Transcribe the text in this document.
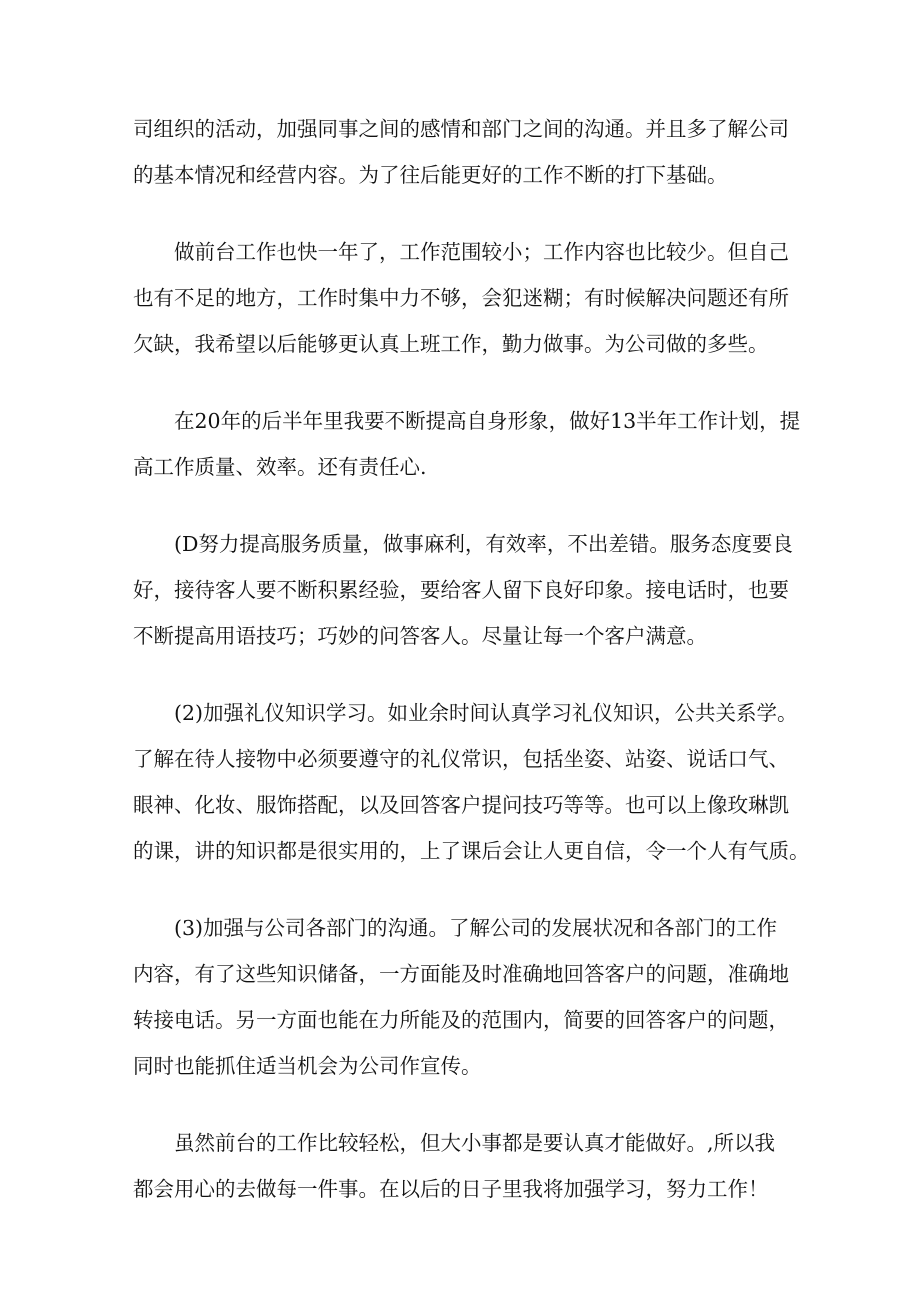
司组织的活动，加强同事之间的感情和部门之间的沟通。并且多了解公司
的基本情况和经营内容。为了往后能更好的工作不断的打下基础。
做前台工作也快一年了，工作范围较小；工作内容也比较少。但自己
也有不足的地方，工作时集中力不够，会犯迷糊；有时候解决问题还有所
欠缺，我希望以后能够更认真上班工作，勤力做事。为公司做的多些。
在20年的后半年里我要不断提高自身形象，做好13半年工作计划，提
高工作质量、效率。还有责任心.
(D努力提高服务质量，做事麻利，有效率，不出差错。服务态度要良
好，接待客人要不断积累经验，要给客人留下良好印象。接电话时，也要
不断提高用语技巧；巧妙的问答客人。尽量让每一个客户满意。
(2)加强礼仪知识学习。如业余时间认真学习礼仪知识，公共关系学。
了解在待人接物中必须要遵守的礼仪常识，包括坐姿、站姿、说话口气、
眼神、化妆、服饰搭配，以及回答客户提问技巧等等。也可以上像玫琳凯
的课，讲的知识都是很实用的，上了课后会让人更自信，令一个人有气质。
(3)加强与公司各部门的沟通。了解公司的发展状况和各部门的工作
内容，有了这些知识储备，一方面能及时准确地回答客户的问题，准确地
转接电话。另一方面也能在力所能及的范围内，简要的回答客户的问题，
同时也能抓住适当机会为公司作宣传。
虽然前台的工作比较轻松，但大小事都是要认真才能做好。,所以我
都会用心的去做每一件事。在以后的日子里我将加强学习，努力工作！
